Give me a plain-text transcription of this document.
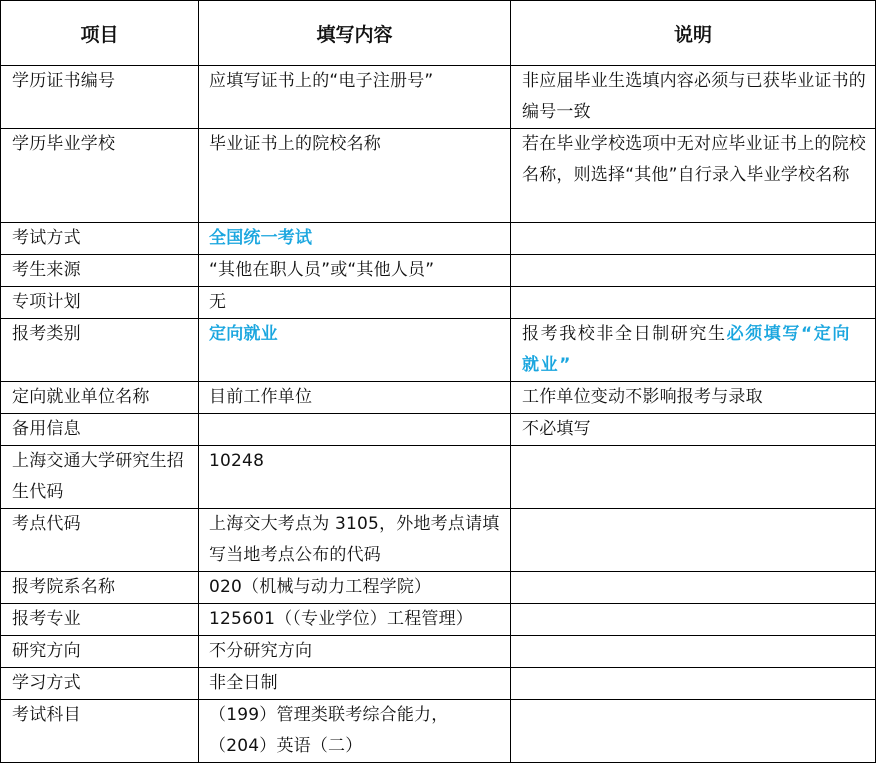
项目	填写内容	说明
学历证书编号	应填写证书上的“电子注册号”	非应届毕业生选填内容必须与已获毕业证书的编号一致
学历毕业学校	毕业证书上的院校名称	若在毕业学校选项中无对应毕业证书上的院校名称，则选择“其他”自行录入毕业学校名称
考试方式	全国统一考试	
考生来源	“其他在职人员”或“其他人员”	
专项计划	无	
报考类别	定向就业	报考我校非全日制研究生必须填写“定向就业”
定向就业单位名称	目前工作单位	工作单位变动不影响报考与录取
备用信息		不必填写
上海交通大学研究生招生代码	10248	
考点代码	上海交大考点为 3105，外地考点请填写当地考点公布的代码	
报考院系名称	020（机械与动力工程学院）	
报考专业	125601（（专业学位）工程管理）	
研究方向	不分研究方向	
学习方式	非全日制	
考试科目	（199）管理类联考综合能力，
（204）英语（二）	
